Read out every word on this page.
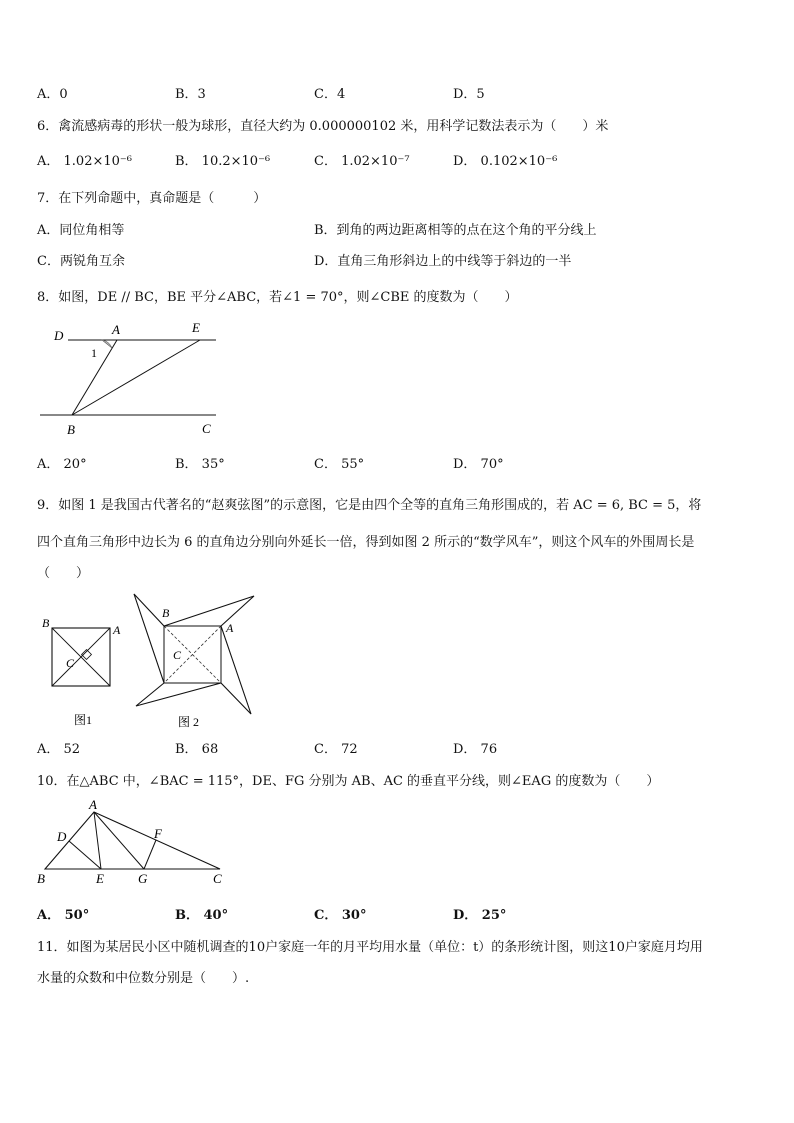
A．0	B．3	C．4	D．5
6．禽流感病毒的形状一般为球形，直径大约为 0.000000102 米，用科学记数法表示为（　　）米
A． 1.02×10⁻⁶	B． 10.2×10⁻⁶	C． 1.02×10⁻⁷	D． 0.102×10⁻⁶
7．在下列命题中，真命题是（　　　）
A．同位角相等	B．到角的两边距离相等的点在这个角的平分线上
C．两锐角互余	D．直角三角形斜边上的中线等于斜边的一半
8．如图，DE // BC，BE 平分∠ABC，若∠1 = 70°，则∠CBE 的度数为（　　）
D	A	E
1
B	C
A． 20°	B． 35°	C． 55°	D． 70°
9．如图 1 是我国古代著名的“赵爽弦图”的示意图，它是由四个全等的直角三角形围成的，若 AC = 6, BC = 5，将
四个直角三角形中边长为 6 的直角边分别向外延长一倍，得到如图 2 所示的“数学风车”，则这个风车的外围周长是
（　　）
B	A
C
图1
B
A
C
图 2
A． 52	B． 68	C． 72	D． 76
10．在△ABC 中，∠BAC = 115°，DE、FG 分别为 AB、AC 的垂直平分线，则∠EAG 的度数为（　　）
A
D	F
B	E	G	C
A． 50°	B． 40°	C． 30°	D． 25°
11．如图为某居民小区中随机调查的10户家庭一年的月平均用水量（单位：t）的条形统计图，则这10户家庭月均用
水量的众数和中位数分别是（　　）.
